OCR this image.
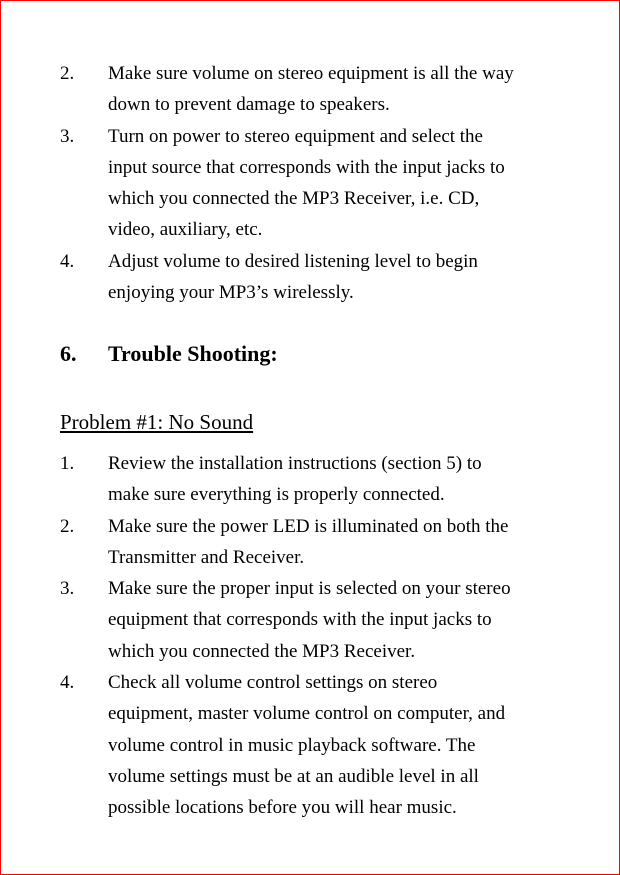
2. Make sure volume on stereo equipment is all the way
down to prevent damage to speakers.
3. Turn on power to stereo equipment and select the
input source that corresponds with the input jacks to
which you connected the MP3 Receiver, i.e. CD,
video, auxiliary, etc.
4. Adjust volume to desired listening level to begin
enjoying your MP3’s wirelessly.
6. Trouble Shooting:
Problem #1: No Sound
1. Review the installation instructions (section 5) to
make sure everything is properly connected.
2. Make sure the power LED is illuminated on both the
Transmitter and Receiver.
3. Make sure the proper input is selected on your stereo
equipment that corresponds with the input jacks to
which you connected the MP3 Receiver.
4. Check all volume control settings on stereo
equipment, master volume control on computer, and
volume control in music playback software. The
volume settings must be at an audible level in all
possible locations before you will hear music.
